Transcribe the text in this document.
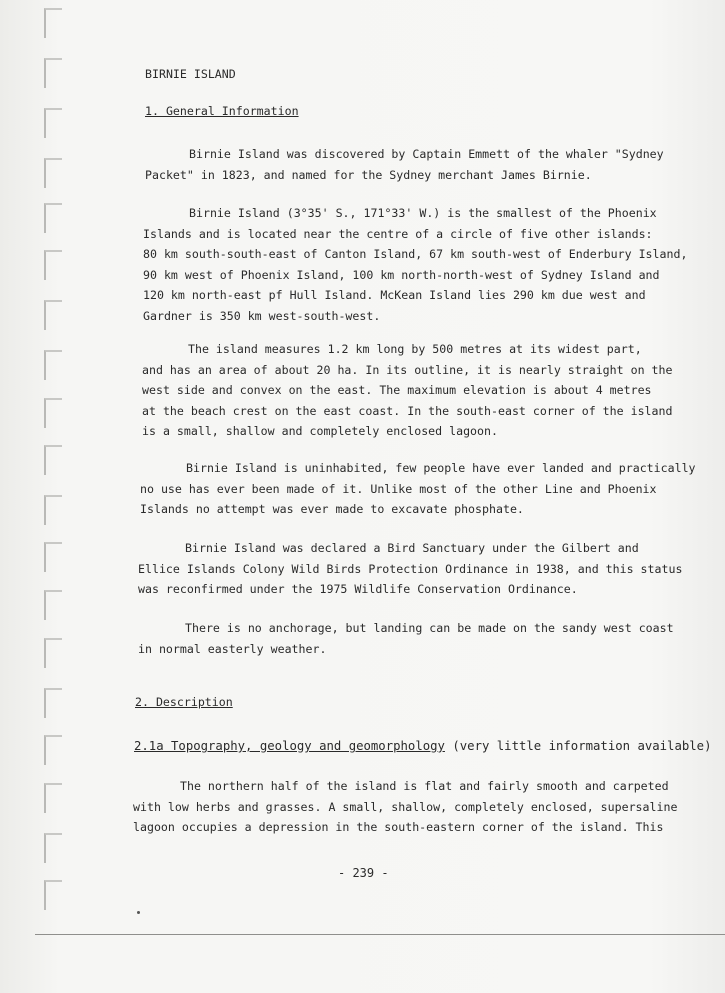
BIRNIE ISLAND
1. General Information
Birnie Island was discovered by Captain Emmett of the whaler "Sydney
Packet" in 1823, and named for the Sydney merchant James Birnie.
Birnie Island (3°35' S., 171°33' W.) is the smallest of the Phoenix
Islands and is located near the centre of a circle of five other islands:
80 km south-south-east of Canton Island, 67 km south-west of Enderbury Island,
90 km west of Phoenix Island, 100 km north-north-west of Sydney Island and
120 km north-east pf Hull Island. McKean Island lies 290 km due west and
Gardner is 350 km west-south-west.
The island measures 1.2 km long by 500 metres at its widest part,
and has an area of about 20 ha. In its outline, it is nearly straight on the
west side and convex on the east. The maximum elevation is about 4 metres
at the beach crest on the east coast. In the south-east corner of the island
is a small, shallow and completely enclosed lagoon.
Birnie Island is uninhabited, few people have ever landed and practically
no use has ever been made of it. Unlike most of the other Line and Phoenix
Islands no attempt was ever made to excavate phosphate.
Birnie Island was declared a Bird Sanctuary under the Gilbert and
Ellice Islands Colony Wild Birds Protection Ordinance in 1938, and this status
was reconfirmed under the 1975 Wildlife Conservation Ordinance.
There is no anchorage, but landing can be made on the sandy west coast
in normal easterly weather.
2. Description
2.1a Topography, geology and geomorphology (very little information available)
The northern half of the island is flat and fairly smooth and carpeted
with low herbs and grasses. A small, shallow, completely enclosed, supersaline
lagoon occupies a depression in the south-eastern corner of the island. This
- 239 -
